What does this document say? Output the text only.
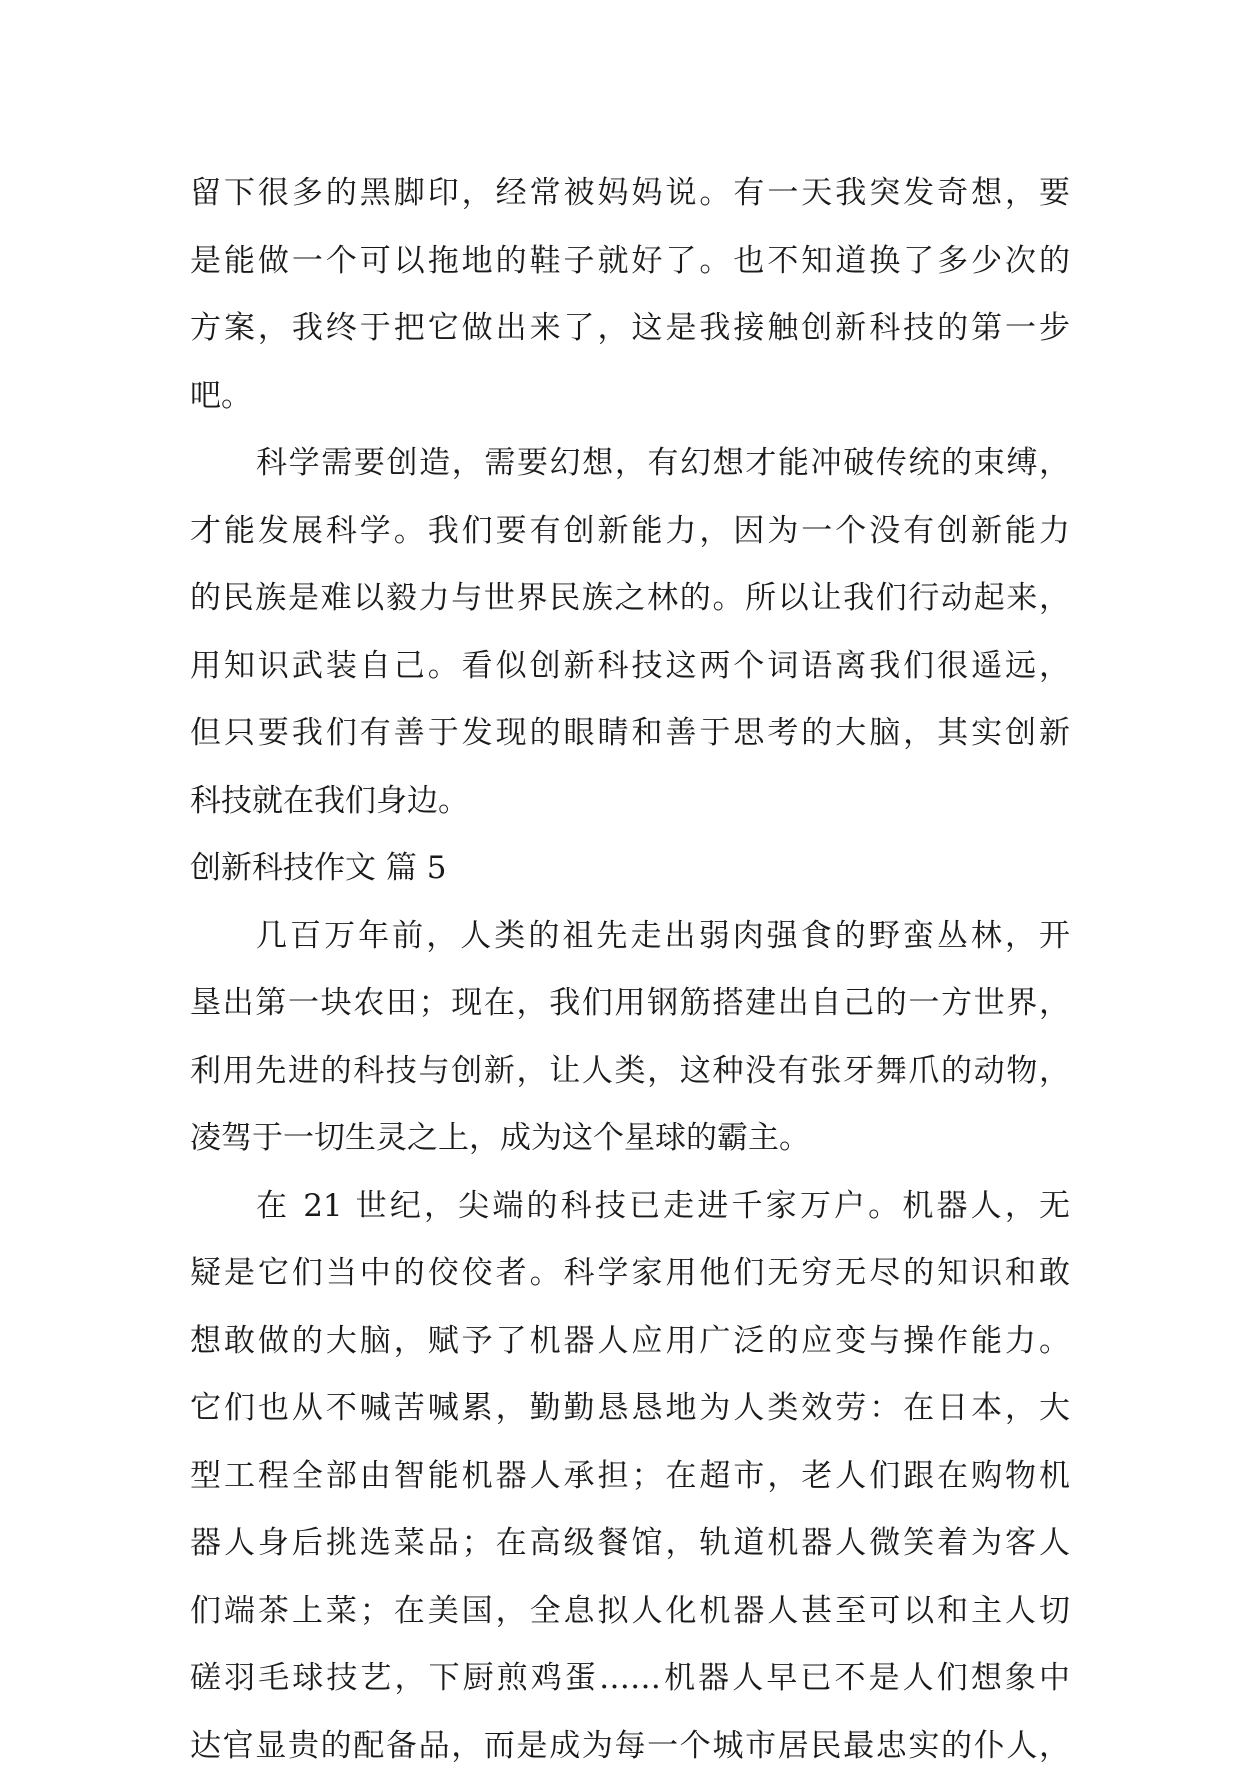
留下很多的黑脚印，经常被妈妈说。有一天我突发奇想，要
是能做一个可以拖地的鞋子就好了。也不知道换了多少次的
方案，我终于把它做出来了，这是我接触创新科技的第一步
吧。
科学需要创造，需要幻想，有幻想才能冲破传统的束缚，
才能发展科学。我们要有创新能力，因为一个没有创新能力
的民族是难以毅力与世界民族之林的。所以让我们行动起来，
用知识武装自己。看似创新科技这两个词语离我们很遥远，
但只要我们有善于发现的眼睛和善于思考的大脑，其实创新
科技就在我们身边。
创新科技作文 篇 5
几百万年前，人类的祖先走出弱肉强食的野蛮丛林，开
垦出第一块农田；现在，我们用钢筋搭建出自己的一方世界，
利用先进的科技与创新，让人类，这种没有张牙舞爪的动物，
凌驾于一切生灵之上，成为这个星球的霸主。
在 21 世纪，尖端的科技已走进千家万户。机器人，无
疑是它们当中的佼佼者。科学家用他们无穷无尽的知识和敢
想敢做的大脑，赋予了机器人应用广泛的应变与操作能力。
它们也从不喊苦喊累，勤勤恳恳地为人类效劳：在日本，大
型工程全部由智能机器人承担；在超市，老人们跟在购物机
器人身后挑选菜品；在高级餐馆，轨道机器人微笑着为客人
们端茶上菜；在美国，全息拟人化机器人甚至可以和主人切
磋羽毛球技艺，下厨煎鸡蛋……机器人早已不是人们想象中
达官显贵的配备品，而是成为每一个城市居民最忠实的仆人，
